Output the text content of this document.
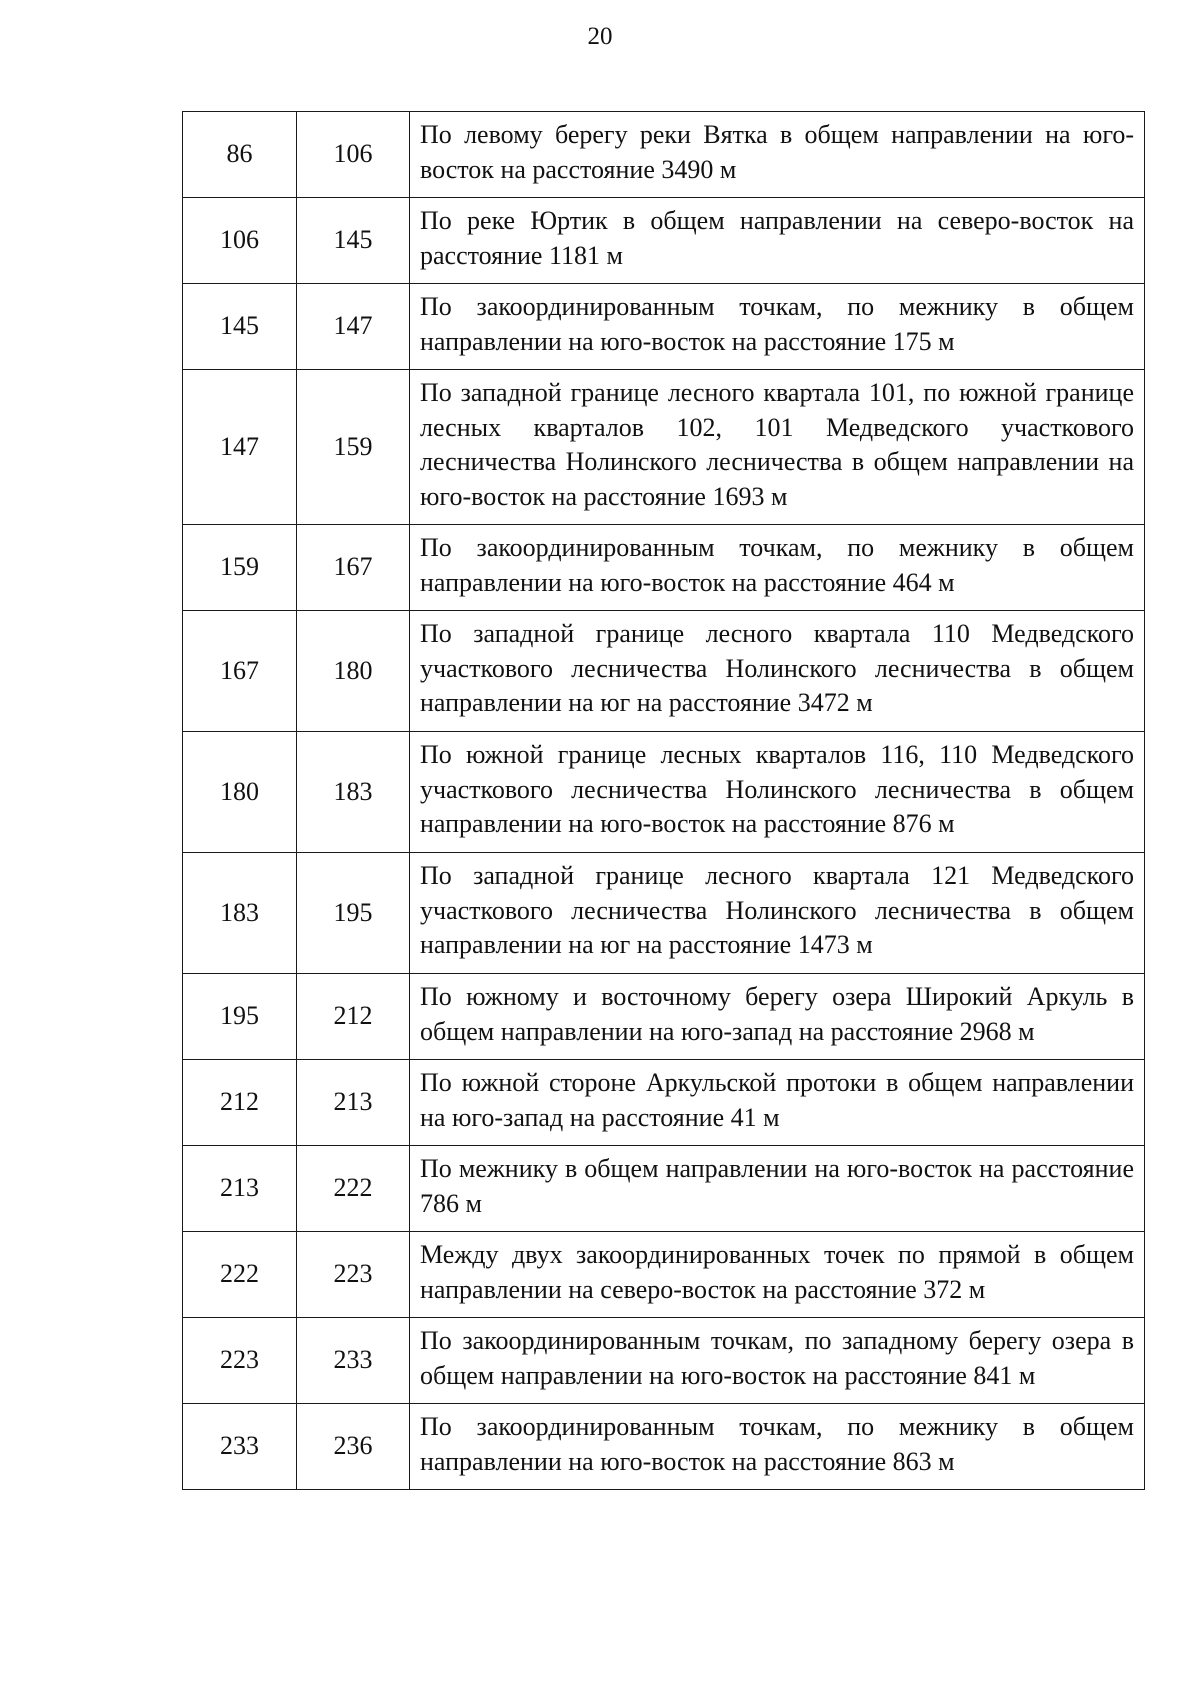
20
86	106	По левому берегу реки Вятка в общем направлении на юго-восток на расстояние 3490 м
106	145	По реке Юртик в общем направлении на северо-восток на расстояние 1181 м
145	147	По закоординированным точкам, по межнику в общем направлении на юго-восток на расстояние 175 м
147	159	По западной границе лесного квартала 101, по южной границе лесных кварталов 102, 101 Медведского участкового лесничества Нолинского лесничества в общем направлении на юго-восток на расстояние 1693 м
159	167	По закоординированным точкам, по межнику в общем направлении на юго-восток на расстояние 464 м
167	180	По западной границе лесного квартала 110 Медведского участкового лесничества Нолинского лесничества в общем направлении на юг на расстояние 3472 м
180	183	По южной границе лесных кварталов 116, 110 Медведского участкового лесничества Нолинского лесничества в общем направлении на юго-восток на расстояние 876 м
183	195	По западной границе лесного квартала 121 Медведского участкового лесничества Нолинского лесничества в общем направлении на юг на расстояние 1473 м
195	212	По южному и восточному берегу озера Широкий Аркуль в общем направлении на юго-запад на расстояние 2968 м
212	213	По южной стороне Аркульской протоки в общем направлении на юго-запад на расстояние 41 м
213	222	По межнику в общем направлении на юго-восток на расстояние 786 м
222	223	Между двух закоординированных точек по прямой в общем направлении на северо-восток на расстояние 372 м
223	233	По закоординированным точкам, по западному берегу озера в общем направлении на юго-восток на расстояние 841 м
233	236	По закоординированным точкам, по межнику в общем направлении на юго-восток на расстояние 863 м
